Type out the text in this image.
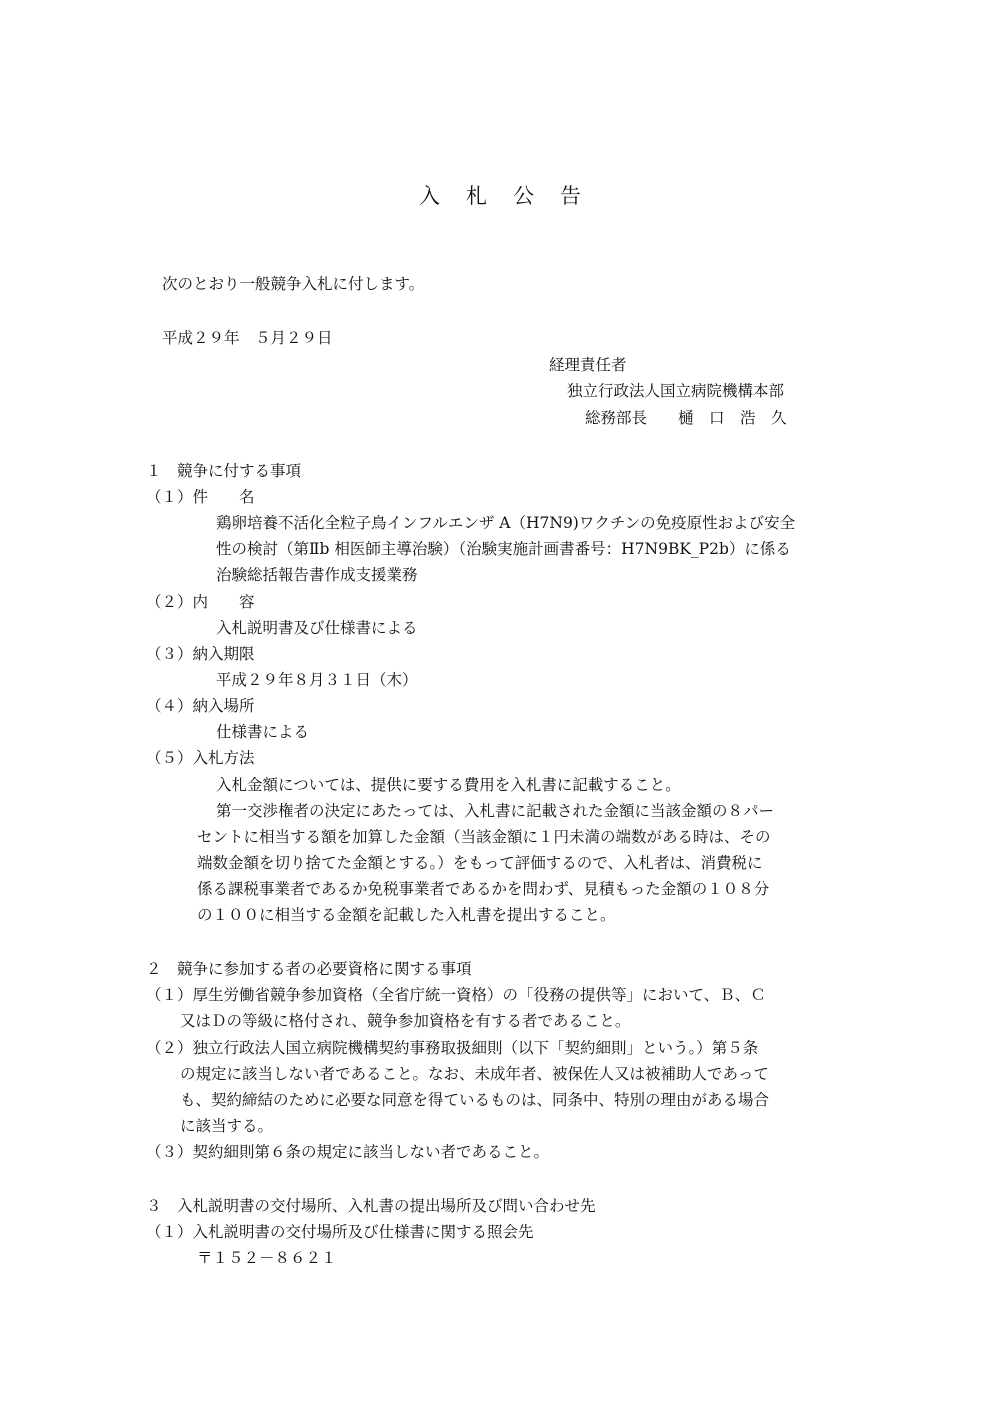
入 札 公 告
次のとおり一般競争入札に付します。
平成２９年　５月２９日
経理責任者
独立行政法人国立病院機構本部
総務部長　　樋　口　浩　久
１　競争に付する事項
（１）件　　名
鶏卵培養不活化全粒子鳥インフルエンザ A（H7N9)ワクチンの免疫原性および安全
性の検討（第Ⅱb 相医師主導治験）（治験実施計画書番号：H7N9BK_P2b）に係る
治験総括報告書作成支援業務
（２）内　　容
入札説明書及び仕様書による
（３）納入期限
平成２９年８月３１日（木）
（４）納入場所
仕様書による
（５）入札方法
入札金額については、提供に要する費用を入札書に記載すること。
第一交渉権者の決定にあたっては、入札書に記載された金額に当該金額の８パー
セントに相当する額を加算した金額（当該金額に１円未満の端数がある時は、その
端数金額を切り捨てた金額とする。）をもって評価するので、入札者は、消費税に
係る課税事業者であるか免税事業者であるかを問わず、見積もった金額の１０８分
の１００に相当する金額を記載した入札書を提出すること。
２　競争に参加する者の必要資格に関する事項
（１）厚生労働省競争参加資格（全省庁統一資格）の「役務の提供等」において、Ｂ、Ｃ
又はＤの等級に格付され、競争参加資格を有する者であること。
（２）独立行政法人国立病院機構契約事務取扱細則（以下「契約細則」という。）第５条
の規定に該当しない者であること。なお、未成年者、被保佐人又は被補助人であって
も、契約締結のために必要な同意を得ているものは、同条中、特別の理由がある場合
に該当する。
（３）契約細則第６条の規定に該当しない者であること。
３　入札説明書の交付場所、入札書の提出場所及び問い合わせ先
（１）入札説明書の交付場所及び仕様書に関する照会先
〒１５２－８６２１
